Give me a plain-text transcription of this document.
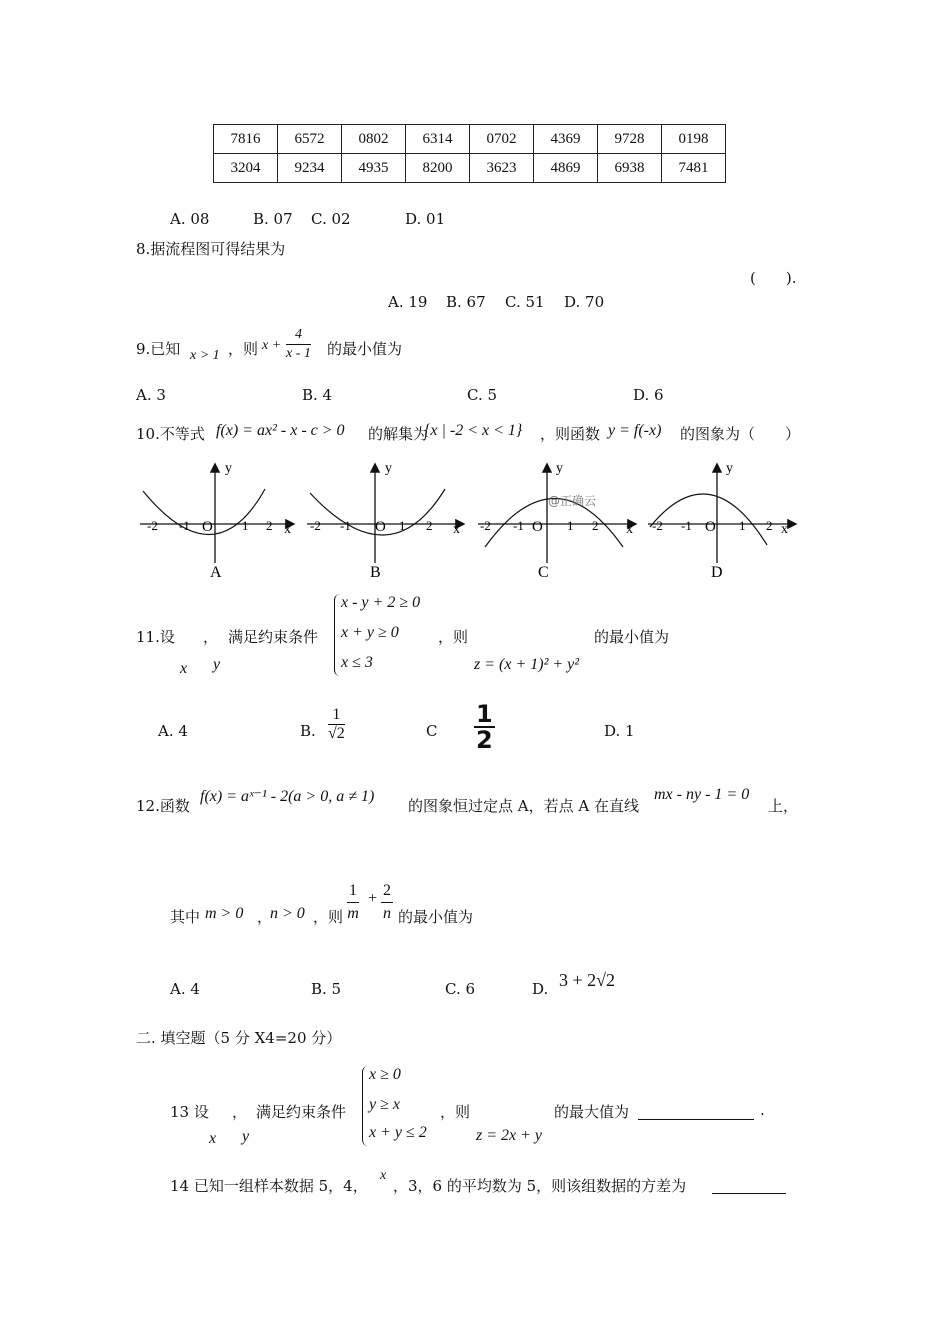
7816	6572	0802	6314	0702	4369	9728	0198
3204	9234	4935	8200	3623	4869	6938	7481
A. 08	B. 07 C. 02	D. 01
8.据流程图可得结果为
(　　).
A. 19 B. 67 C. 51 D. 70
9.已知 x > 1 ，则 $x + \frac{4}{x - 1}$ 的最小值为
A. 3	B. 4	C. 5	D. 6
10.不等式 f(x) = ax² - x - c > 0 的解集为
{x | -2 < x < 1} ，则函数 y = f(-x) 的图象为（　　）
y
-2 -1 O 1 2 x
A
y
-2 -1 O 1 2 x
B
y
-2 -1 O 1 2 x
C
@正确云
y
-2 -1 O 1 2 x
D
11.设 ， 满足约束条件
x y
x - y + 2 ≥ 0
x + y ≥ 0
x ≤ 3
，则
z = (x + 1)² + y²
的最小值为
A. 4	B. $\frac{1}{√2}$	C $\frac{1}{2}$	D. 1
12.函数
f(x) = aˣ⁻¹ - 2(a > 0, a ≠ 1)
的图象恒过定点 A，若点 A 在直线
mx - ny - 1 = 0
上，
其中 m > 0 ，
n > 0 ，则 $\frac{1}{m} + \frac{2}{n}$ 的最小值为
A. 4	B. 5	C. 6	D. 3 + 2√2
二. 填空题（5 分 X4=20 分）
13 设 ， 满足约束条件
x y
x ≥ 0
y ≥ x
x + y ≤ 2
，则
z = 2x + y
的最大值为	.
14 已知一组样本数据 5，4，
x
，3，6 的平均数为 5，则该组数据的方差为
